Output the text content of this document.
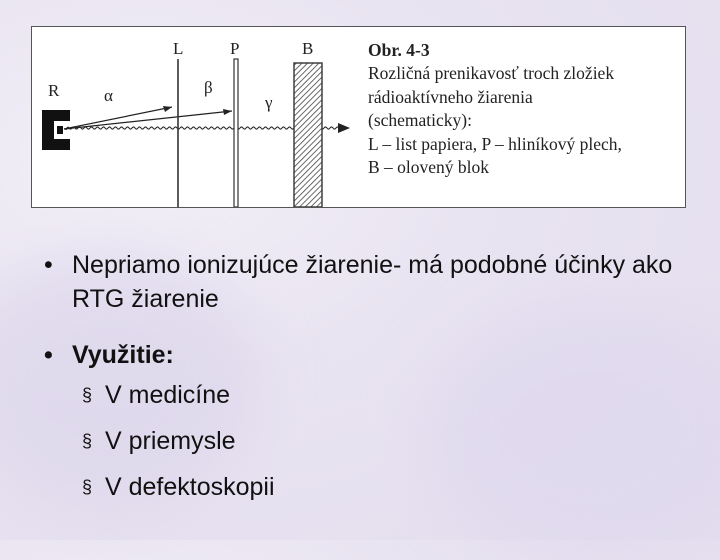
R	α	β
γ
L	P	B	Obr. 4-3
Rozličná prenikavosť troch zložiek
rádioaktívneho žiarenia
(schematicky):
L – list papiera, P – hliníkový plech,
B – olovený blok
• Nepriamo ionizujúce žiarenie- má podobné účinky ako RTG žiarenie
• Využitie:
§ V medicíne
§ V priemysle
§ V defektoskopii
